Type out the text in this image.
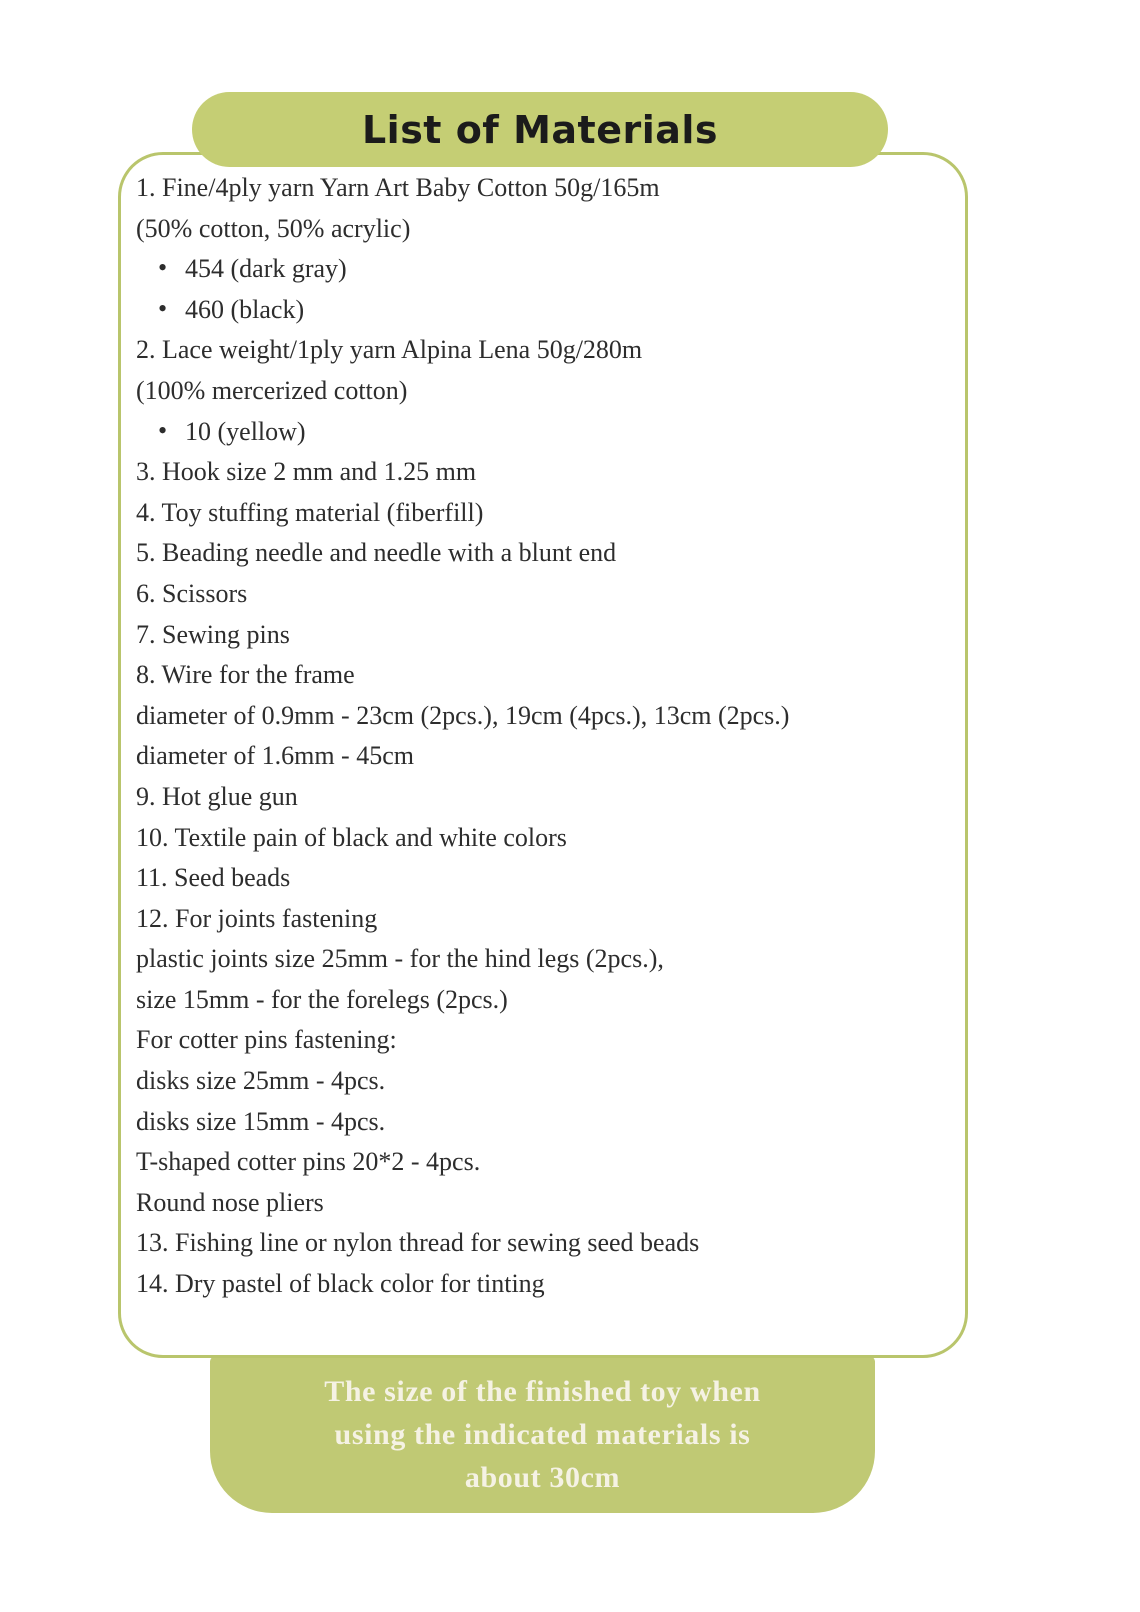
List of Materials
1. Fine/4ply yarn Yarn Art Baby Cotton 50g/165m
(50% cotton, 50% acrylic)
• 454 (dark gray)
• 460 (black)
2. Lace weight/1ply yarn Alpina Lena 50g/280m
(100% mercerized cotton)
• 10 (yellow)
3. Hook size 2 mm and 1.25 mm
4. Toy stuffing material (fiberfill)
5. Beading needle and needle with a blunt end
6. Scissors
7. Sewing pins
8. Wire for the frame
diameter of 0.9mm - 23cm (2pcs.), 19cm (4pcs.), 13cm (2pcs.)
diameter of 1.6mm - 45cm
9. Hot glue gun
10. Textile pain of black and white colors
11. Seed beads
12. For joints fastening
plastic joints size 25mm - for the hind legs (2pcs.),
size 15mm - for the forelegs (2pcs.)
For cotter pins fastening:
disks size 25mm - 4pcs.
disks size 15mm - 4pcs.
T-shaped cotter pins 20*2 - 4pcs.
Round nose pliers
13. Fishing line or nylon thread for sewing seed beads
14. Dry pastel of black color for tinting
The size of the finished toy when
using the indicated materials is
about 30cm
